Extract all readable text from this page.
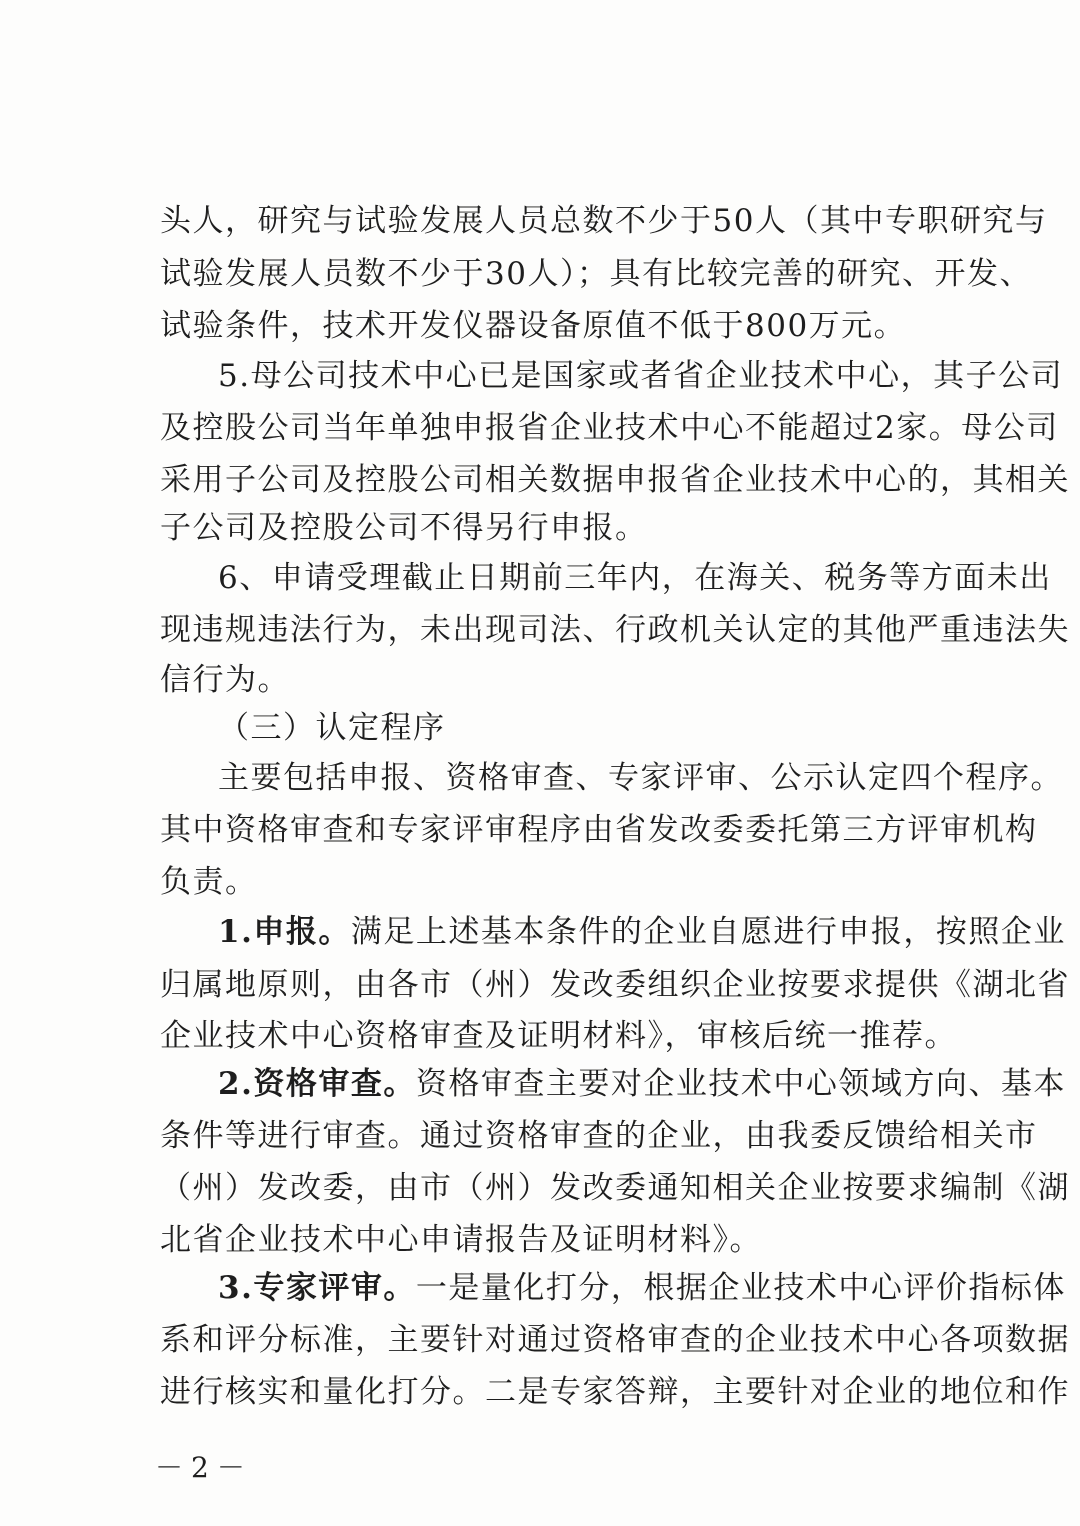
头人，研究与试验发展人员总数不少于50人（其中专职研究与
试验发展人员数不少于30人）；具有比较完善的研究、开发、
试验条件，技术开发仪器设备原值不低于800万元。
5.母公司技术中心已是国家或者省企业技术中心，其子公司
及控股公司当年单独申报省企业技术中心不能超过2家。母公司
采用子公司及控股公司相关数据申报省企业技术中心的，其相关
子公司及控股公司不得另行申报。
6、申请受理截止日期前三年内，在海关、税务等方面未出
现违规违法行为，未出现司法、行政机关认定的其他严重违法失
信行为。
（三）认定程序
主要包括申报、资格审查、专家评审、公示认定四个程序。
其中资格审查和专家评审程序由省发改委委托第三方评审机构
负责。
1.申报。满足上述基本条件的企业自愿进行申报，按照企业
归属地原则，由各市（州）发改委组织企业按要求提供《湖北省
企业技术中心资格审查及证明材料》，审核后统一推荐。
2.资格审查。资格审查主要对企业技术中心领域方向、基本
条件等进行审查。通过资格审查的企业，由我委反馈给相关市
（州）发改委，由市（州）发改委通知相关企业按要求编制《湖
北省企业技术中心申请报告及证明材料》。
3.专家评审。一是量化打分，根据企业技术中心评价指标体
系和评分标准，主要针对通过资格审查的企业技术中心各项数据
进行核实和量化打分。二是专家答辩，主要针对企业的地位和作
－2－
